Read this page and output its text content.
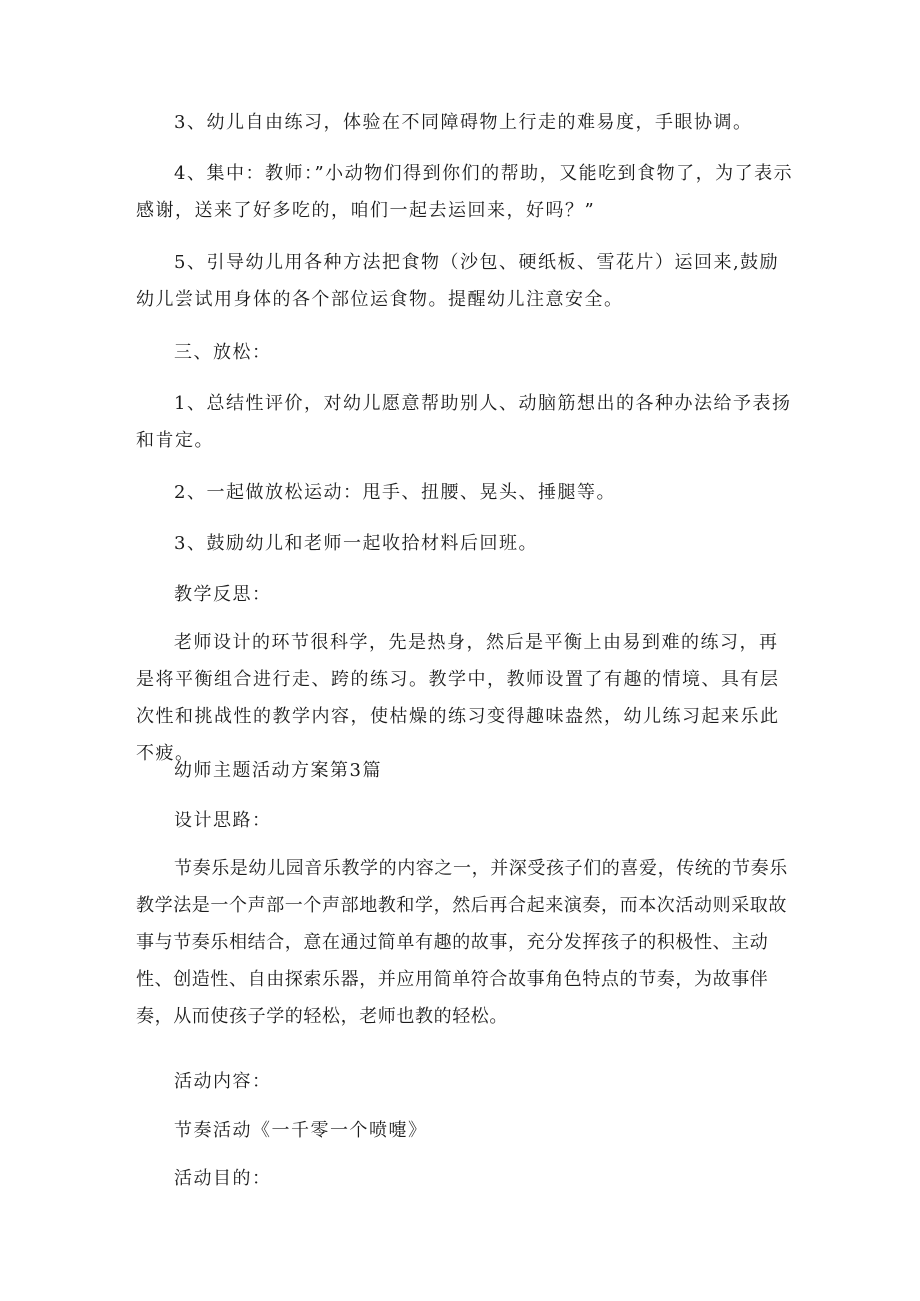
3、幼儿自由练习，体验在不同障碍物上行走的难易度，手眼协调。

4、集中：教师：”小动物们得到你们的帮助，又能吃到食物了，为了表示感谢，送来了好多吃的，咱们一起去运回来，好吗？”

5、引导幼儿用各种方法把食物（沙包、硬纸板、雪花片）运回来,鼓励幼儿尝试用身体的各个部位运食物。提醒幼儿注意安全。

三、放松：

1、总结性评价，对幼儿愿意帮助别人、动脑筋想出的各种办法给予表扬和肯定。

2、一起做放松运动：甩手、扭腰、晃头、捶腿等。

3、鼓励幼儿和老师一起收拾材料后回班。

教学反思：

老师设计的环节很科学，先是热身，然后是平衡上由易到难的练习，再是将平衡组合进行走、跨的练习。教学中，教师设置了有趣的情境、具有层次性和挑战性的教学内容，使枯燥的练习变得趣味盎然，幼儿练习起来乐此不疲。

幼师主题活动方案第3篇

设计思路：

节奏乐是幼儿园音乐教学的内容之一，并深受孩子们的喜爱，传统的节奏乐教学法是一个声部一个声部地教和学，然后再合起来演奏，而本次活动则采取故事与节奏乐相结合，意在通过简单有趣的故事，充分发挥孩子的积极性、主动性、创造性、自由探索乐器，并应用简单符合故事角色特点的节奏，为故事伴奏，从而使孩子学的轻松，老师也教的轻松。

活动内容：

节奏活动《一千零一个喷嚏》

活动目的：
